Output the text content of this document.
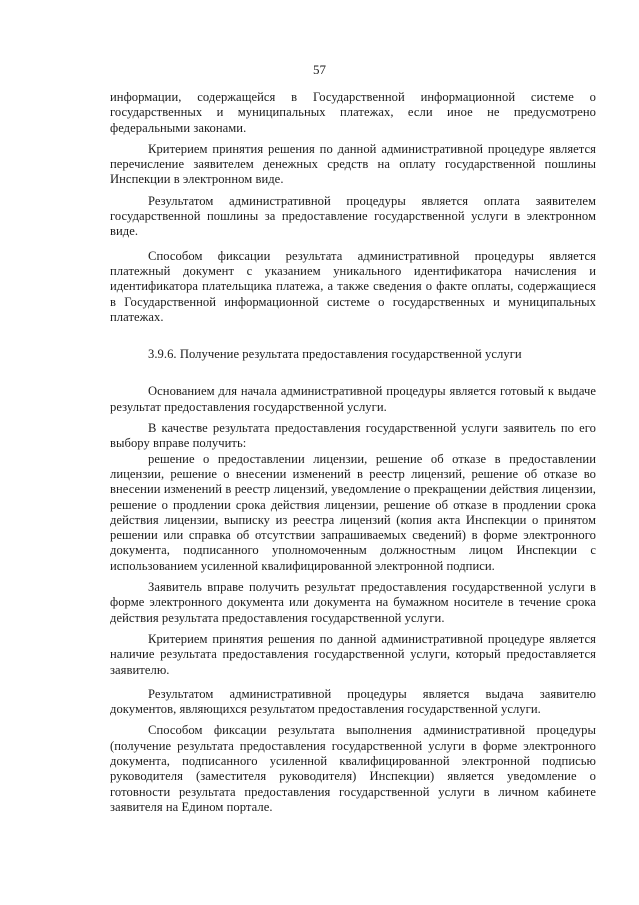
57

информации, содержащейся в Государственной информационной системе о государственных и муниципальных платежах, если иное не предусмотрено федеральными законами.

Критерием принятия решения по данной административной процедуре является перечисление заявителем денежных средств на оплату государственной пошлины Инспекции в электронном виде.

Результатом административной процедуры является оплата заявителем государственной пошлины за предоставление государственной услуги в электронном виде.

Способом фиксации результата административной процедуры является платежный документ с указанием уникального идентификатора начисления и идентификатора плательщика платежа, а также сведения о факте оплаты, содержащиеся в Государственной информационной системе о государственных и муниципальных платежах.

3.9.6. Получение результата предоставления государственной услуги

Основанием для начала административной процедуры является готовый к выдаче результат предоставления государственной услуги.

В качестве результата предоставления государственной услуги заявитель по его выбору вправе получить:

решение о предоставлении лицензии, решение об отказе в предоставлении лицензии, решение о внесении изменений в реестр лицензий, решение об отказе во внесении изменений в реестр лицензий, уведомление о прекращении действия лицензии, решение о продлении срока действия лицензии, решение об отказе в продлении срока действия лицензии, выписку из реестра лицензий (копия акта Инспекции о принятом решении или справка об отсутствии запрашиваемых сведений) в форме электронного документа, подписанного уполномоченным должностным лицом Инспекции с использованием усиленной квалифицированной электронной подписи.

Заявитель вправе получить результат предоставления государственной услуги в форме электронного документа или документа на бумажном носителе в течение срока действия результата предоставления государственной услуги.

Критерием принятия решения по данной административной процедуре является наличие результата предоставления государственной услуги, который предоставляется заявителю.

Результатом административной процедуры является выдача заявителю документов, являющихся результатом предоставления государственной услуги.

Способом фиксации результата выполнения административной процедуры (получение результата предоставления государственной услуги в форме электронного документа, подписанного усиленной квалифицированной электронной подписью руководителя (заместителя руководителя) Инспекции) является уведомление о готовности результата предоставления государственной услуги в личном кабинете заявителя на Едином портале.
